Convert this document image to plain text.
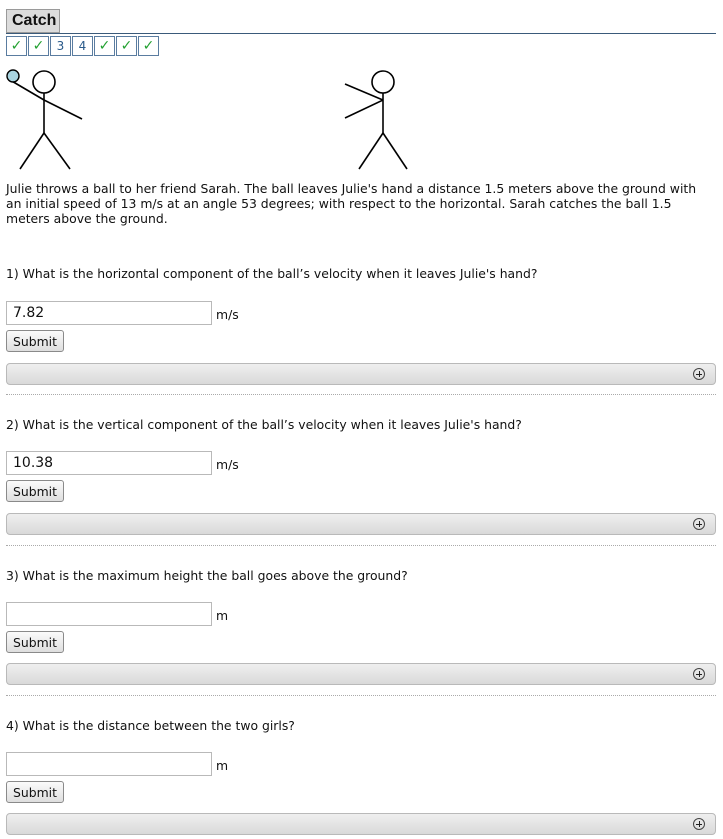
Catch
✓ ✓	3	4 ✓ ✓ ✓
Julie throws a ball to her friend Sarah. The ball leaves Julie's hand a distance 1.5 meters above the ground with an initial speed of 13 m/s at an angle 53 degrees; with respect to the horizontal. Sarah catches the ball 1.5 meters above the ground.
1) What is the horizontal component of the ball’s velocity when it leaves Julie's hand?
7.82
m/s
Submit
2) What is the vertical component of the ball’s velocity when it leaves Julie's hand?
10.38
m/s
Submit
3) What is the maximum height the ball goes above the ground?
m
Submit
4) What is the distance between the two girls?
m
Submit
